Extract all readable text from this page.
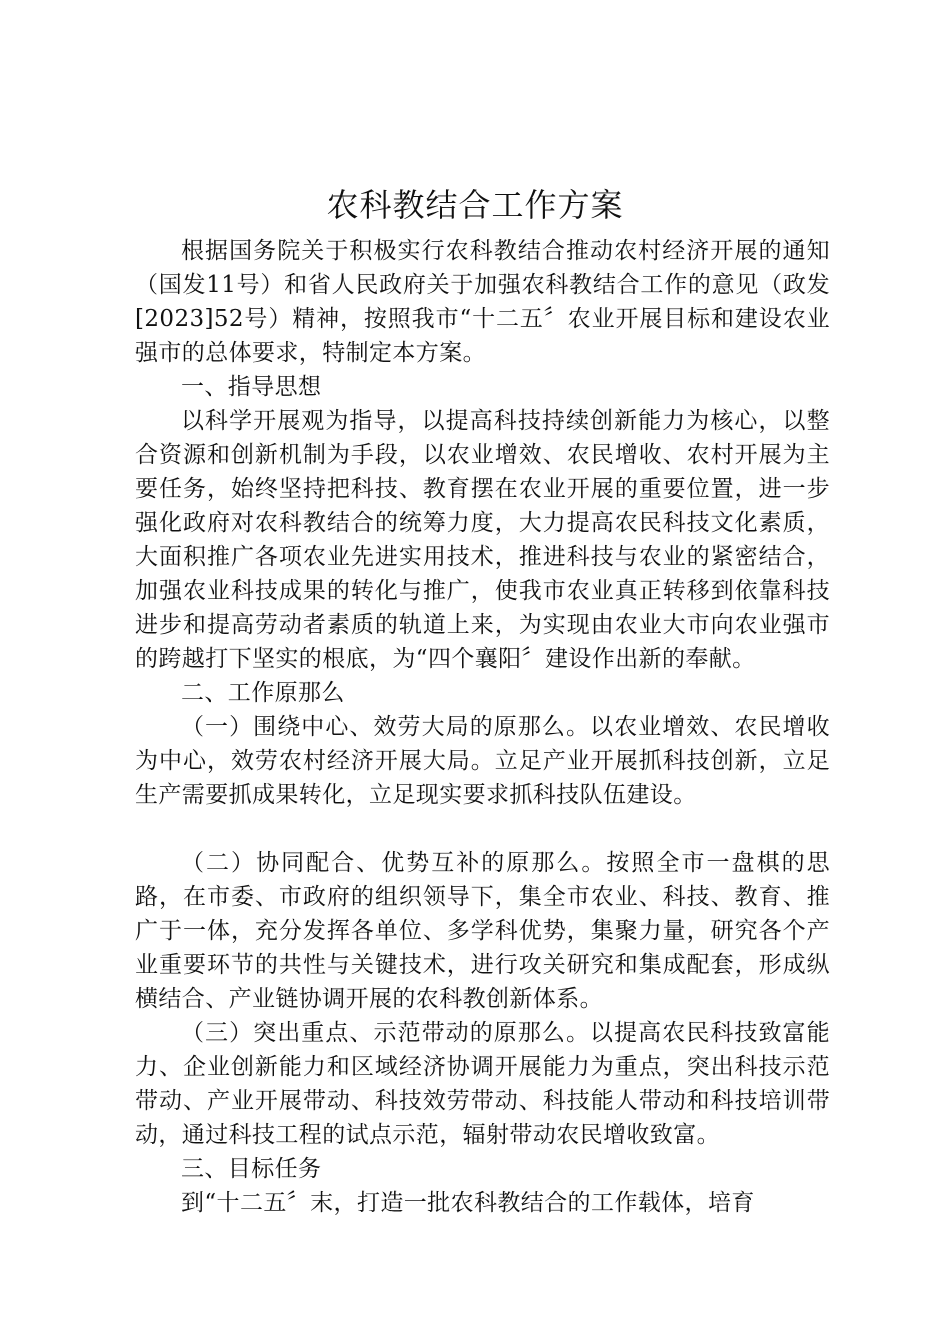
农科教结合工作方案

根据国务院关于积极实行农科教结合推动农村经济开展的通知（国发11号）和省人民政府关于加强农科教结合工作的意见（政发[2023]52号）精神，按照我市“十二五〞农业开展目标和建设农业强市的总体要求，特制定本方案。

一、指导思想

以科学开展观为指导，以提高科技持续创新能力为核心，以整合资源和创新机制为手段，以农业增效、农民增收、农村开展为主要任务，始终坚持把科技、教育摆在农业开展的重要位置，进一步强化政府对农科教结合的统筹力度，大力提高农民科技文化素质，大面积推广各项农业先进实用技术，推进科技与农业的紧密结合，加强农业科技成果的转化与推广，使我市农业真正转移到依靠科技进步和提高劳动者素质的轨道上来，为实现由农业大市向农业强市的跨越打下坚实的根底，为“四个襄阳〞建设作出新的奉献。

二、工作原那么

（一）围绕中心、效劳大局的原那么。以农业增效、农民增收为中心，效劳农村经济开展大局。立足产业开展抓科技创新，立足生产需要抓成果转化，立足现实要求抓科技队伍建设。

（二）协同配合、优势互补的原那么。按照全市一盘棋的思路，在市委、市政府的组织领导下，集全市农业、科技、教育、推广于一体，充分发挥各单位、多学科优势，集聚力量，研究各个产业重要环节的共性与关键技术，进行攻关研究和集成配套，形成纵横结合、产业链协调开展的农科教创新体系。

（三）突出重点、示范带动的原那么。以提高农民科技致富能力、企业创新能力和区域经济协调开展能力为重点，突出科技示范带动、产业开展带动、科技效劳带动、科技能人带动和科技培训带动，通过科技工程的试点示范，辐射带动农民增收致富。

三、目标任务

到“十二五〞末，打造一批农科教结合的工作载体，培育
